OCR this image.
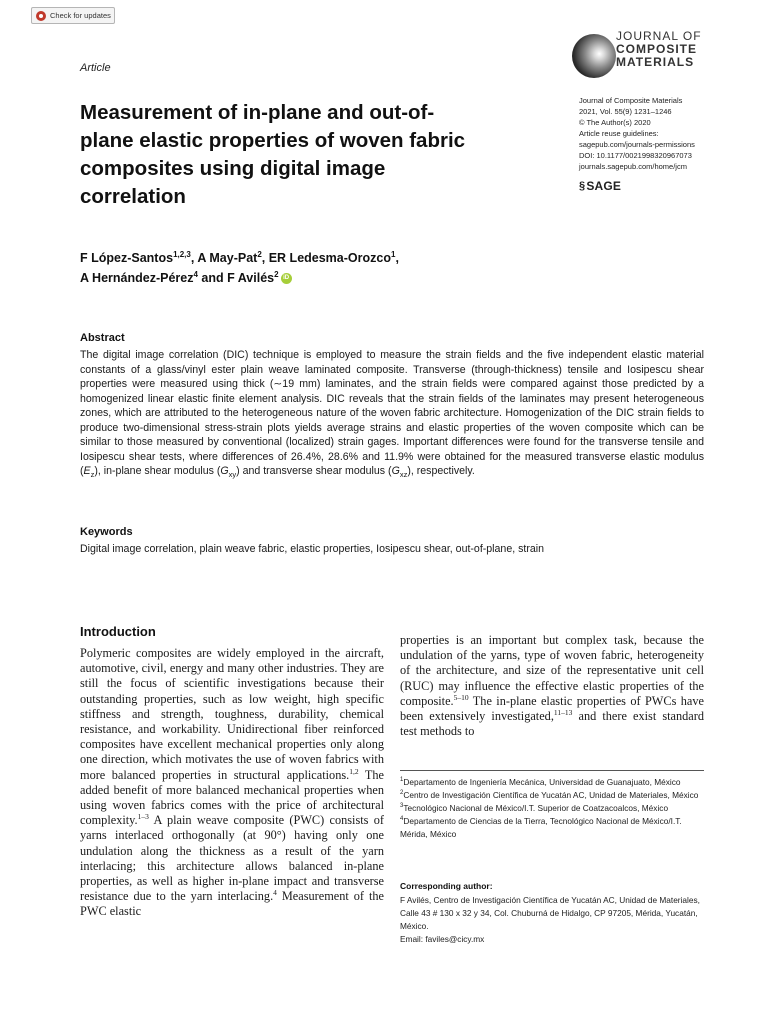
Check for updates
Article
JOURNAL OF
COMPOSITE
MATERIALS
Journal of Composite Materials
2021, Vol. 55(9) 1231–1246
© The Author(s) 2020
Article reuse guidelines:
sagepub.com/journals-permissions
DOI: 10.1177/0021998320967073
journals.sagepub.com/home/jcm
§ SAGE
Measurement of in-plane and out-of-plane elastic properties of woven fabric composites using digital image correlation
F López-Santos$^{1,2,3}$, A May-Pat$^2$, ER Ledesma-Orozco$^1$,
A Hernández-Pérez$^4$ and F Avilés$^2$ iD
Abstract

The digital image correlation (DIC) technique is employed to measure the strain fields and the five independent elastic material constants of a glass/vinyl ester plain weave laminated composite. Transverse (through-thickness) tensile and Iosipescu shear properties were measured using thick (∼19 mm) laminates, and the strain fields were compared against those predicted by a homogenized linear elastic finite element analysis. DIC reveals that the strain fields of the laminates may present heterogeneous zones, which are attributed to the heterogeneous nature of the woven fabric architecture. Homogenization of the DIC strain fields to produce two-dimensional stress-strain plots yields average strains and elastic properties of the woven composite which can be similar to those measured by conventional (localized) strain gages. Important differences were found for the transverse tensile and Iosipescu shear tests, where differences of 26.4%, 28.6% and 11.9% were obtained for the measured transverse elastic modulus $(E_z)$, in-plane shear modulus $(G_{xy})$ and transverse shear modulus $(G_{xz})$, respectively.

Keywords

Digital image correlation, plain weave fabric, elastic properties, Iosipescu shear, out-of-plane, strain

Introduction

Polymeric composites are widely employed in the aircraft, automotive, civil, energy and many other industries. They are still the focus of scientific investigations because their outstanding properties, such as low weight, high specific stiffness and strength, toughness, durability, chemical resistance, and workability. Unidirectional fiber reinforced composites have excellent mechanical properties only along one direction, which motivates the use of woven fabrics with more balanced properties in structural applications.$^{1,2}$ The added benefit of more balanced mechanical properties when using woven fabrics comes with the price of architectural complexity.$^{1-3}$ A plain weave composite (PWC) consists of yarns interlaced orthogonally (at 90°) having only one undulation along the thickness as a result of the yarn interlacing; this architecture allows balanced in-plane properties, as well as higher in-plane impact and transverse resistance due to the yarn interlacing.$^4$ Measurement of the PWC elastic

properties is an important but complex task, because the undulation of the yarns, type of woven fabric, heterogeneity of the architecture, and size of the representative unit cell (RUC) may influence the effective elastic properties of the composite.$^{5-10}$ The in-plane elastic properties of PWCs have been extensively investigated,$^{11-13}$ and there exist standard test methods to

$^1$Departamento de Ingeniería Mecánica, Universidad de Guanajuato, México
$^2$Centro de Investigación Científica de Yucatán AC, Unidad de Materiales, México
$^3$Tecnológico Nacional de México/I.T. Superior de Coatzacoalcos, México
$^4$Departamento de Ciencias de la Tierra, Tecnológico Nacional de México/I.T. Mérida, México
Corresponding author:
F Avilés, Centro de Investigación Científica de Yucatán AC, Unidad de Materiales, Calle 43 # 130 x 32 y 34, Col. Chuburná de Hidalgo, CP 97205, Mérida, Yucatán, México.
Email: faviles@cicy.mx
